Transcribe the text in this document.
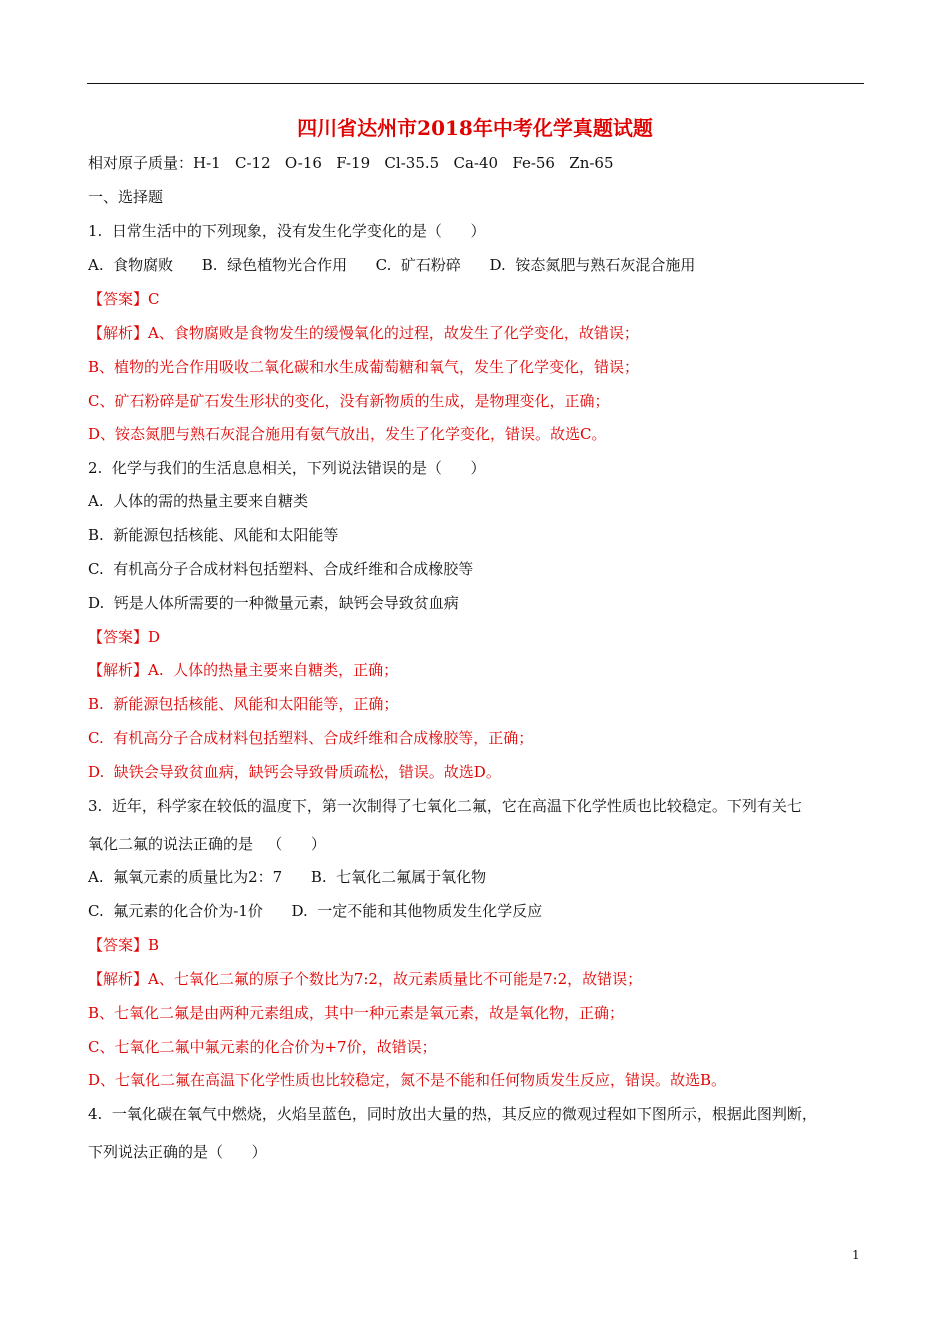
四川省达州市2018年中考化学真题试题
相对原子质量：H-1   C-12   O-16   F-19   Cl-35.5   Ca-40   Fe-56   Zn-65
一、选择题
1.  日常生活中的下列现象，没有发生化学变化的是（      ）
A.  食物腐败      B.  绿色植物光合作用      C.  矿石粉碎      D.  铵态氮肥与熟石灰混合施用
【答案】C
【解析】A、食物腐败是食物发生的缓慢氧化的过程，故发生了化学变化，故错误；
B、植物的光合作用吸收二氧化碳和水生成葡萄糖和氧气，发生了化学变化，错误；
C、矿石粉碎是矿石发生形状的变化，没有新物质的生成，是物理变化，正确；
D、铵态氮肥与熟石灰混合施用有氨气放出，发生了化学变化，错误。故选C。
2.  化学与我们的生活息息相关，下列说法错误的是（      ）
A.  人体的需的热量主要来自糖类
B.  新能源包括核能、风能和太阳能等
C.  有机高分子合成材料包括塑料、合成纤维和合成橡胶等
D.  钙是人体所需要的一种微量元素，缺钙会导致贫血病
【答案】D
【解析】A.  人体的热量主要来自糖类，正确；
B.  新能源包括核能、风能和太阳能等，正确；
C.  有机高分子合成材料包括塑料、合成纤维和合成橡胶等，正确；
D.  缺铁会导致贫血病，缺钙会导致骨质疏松，错误。故选D。
3.  近年，科学家在较低的温度下，第一次制得了七氧化二氟，它在高温下化学性质也比较稳定。下列有关七
氧化二氟的说法正确的是   （      ）
A.  氟氧元素的质量比为2：7      B.  七氧化二氟属于氧化物
C.  氟元素的化合价为-1价      D.  一定不能和其他物质发生化学反应
【答案】B
【解析】A、七氧化二氟的原子个数比为7:2，故元素质量比不可能是7:2，故错误；
B、七氧化二氟是由两种元素组成，其中一种元素是氧元素，故是氧化物，正确；
C、七氧化二氟中氟元素的化合价为+7价，故错误；
D、七氧化二氟在高温下化学性质也比较稳定，氮不是不能和任何物质发生反应，错误。故选B。
4.  一氧化碳在氧气中燃烧，火焰呈蓝色，同时放出大量的热，其反应的微观过程如下图所示，根据此图判断，
下列说法正确的是（      ）
1
